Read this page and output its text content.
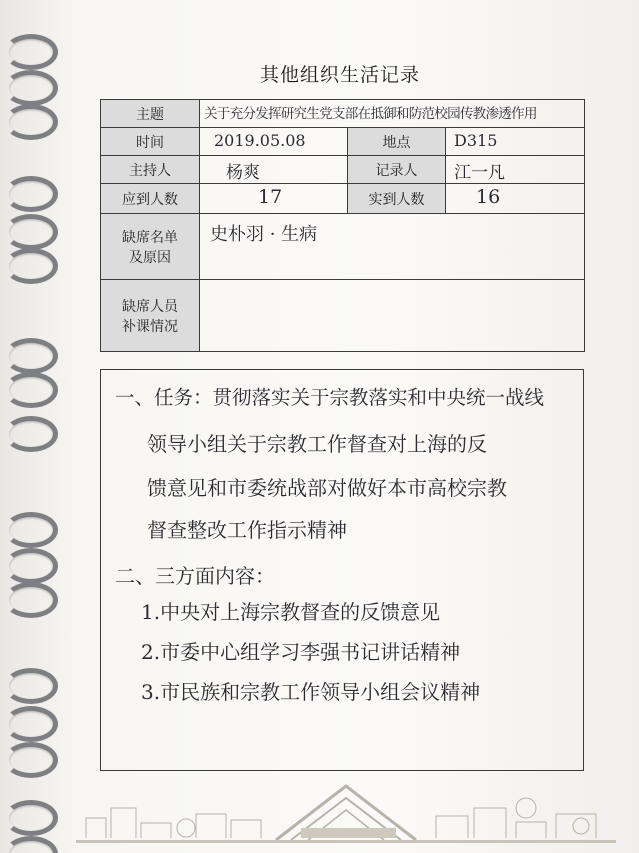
其他组织生活记录
主题	关于充分发挥研究生党支部在抵御和防范校园传教渗透作用		

时间	2019.05.08	地点	D315

主持人	杨爽	记录人	江一凡

应到人数	17	实到人数	16

缺席名单
及原因	史朴羽 · 生病		

缺席人员
补课情况			

一、任务：贯彻落实关于宗教落实和中央统一战线
领导小组关于宗教工作督查对上海的反
馈意见和市委统战部对做好本市高校宗教
督查整改工作指示精神
二、三方面内容：
1.中央对上海宗教督查的反馈意见
2.市委中心组学习李强书记讲话精神
3.市民族和宗教工作领导小组会议精神
